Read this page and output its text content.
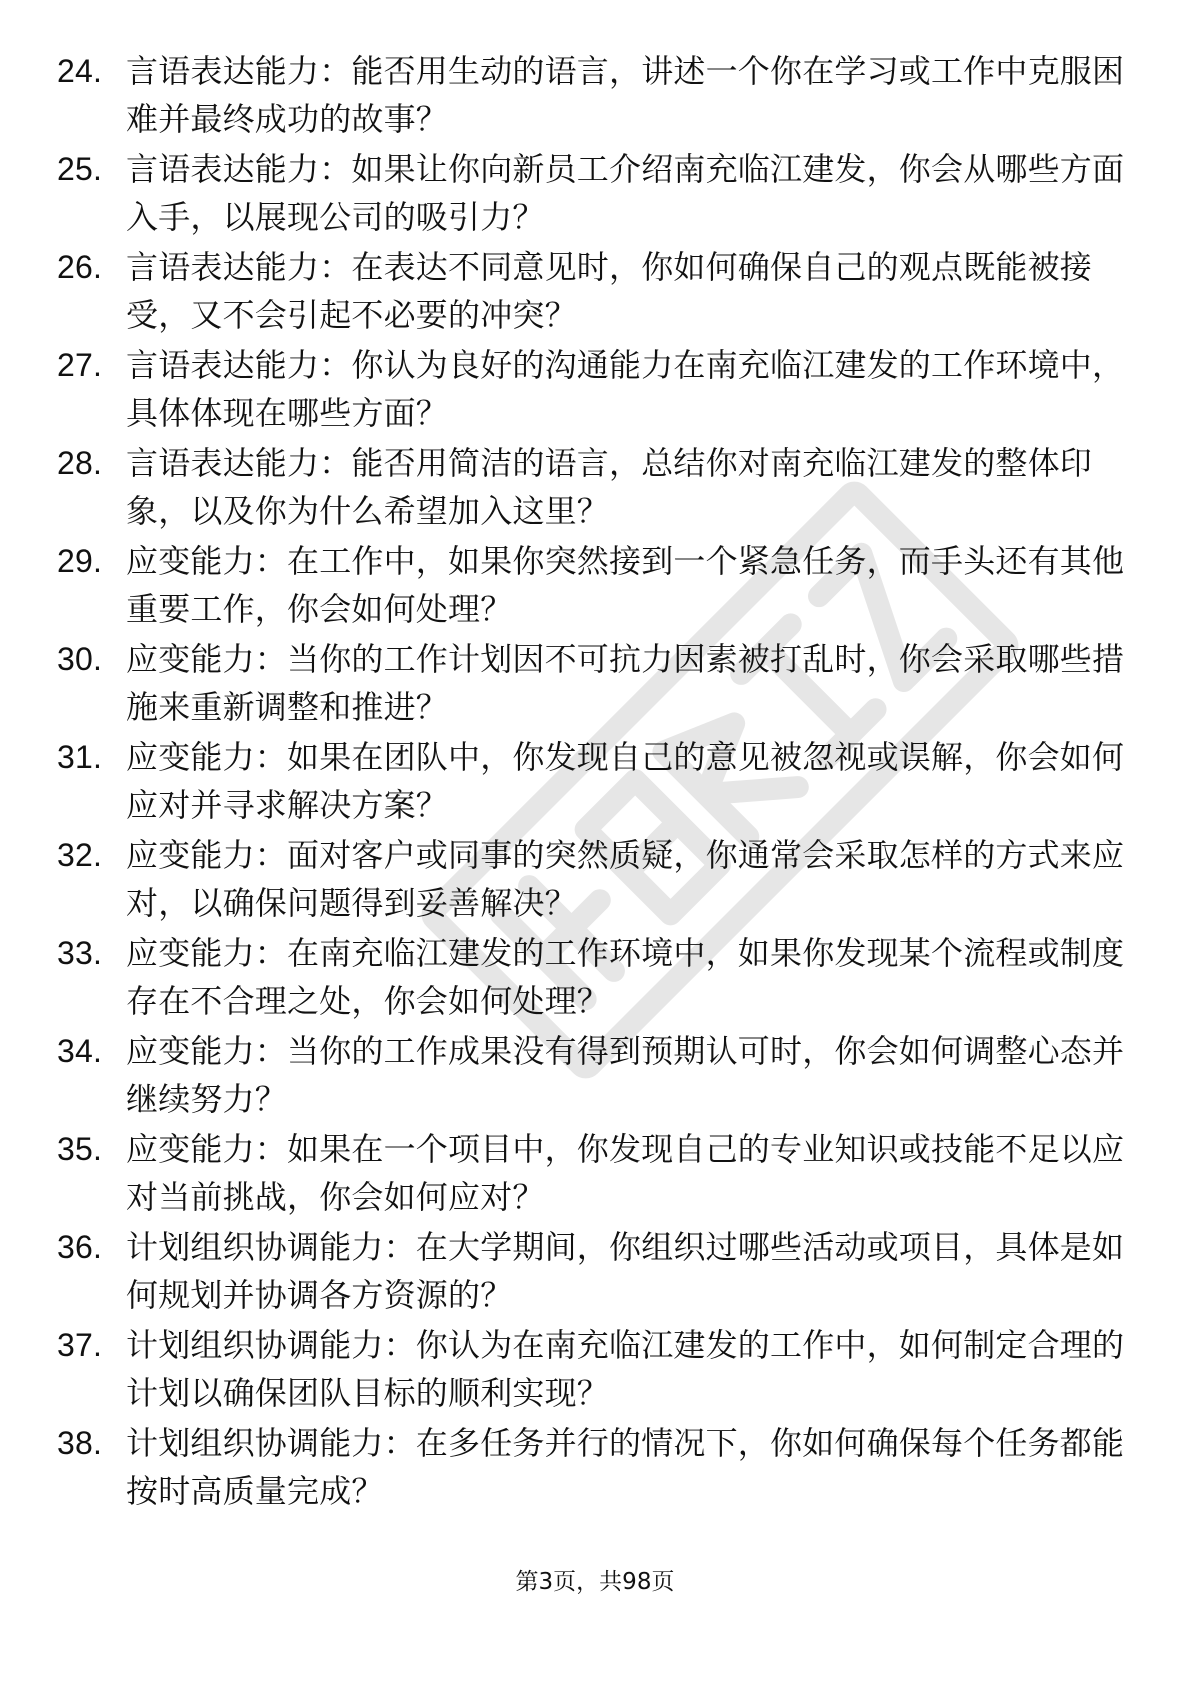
24. 言语表达能力：能否用生动的语言，讲述一个你在学习或工作中克服困难并最终成功的故事？
25. 言语表达能力：如果让你向新员工介绍南充临江建发，你会从哪些方面入手，以展现公司的吸引力？
26. 言语表达能力：在表达不同意见时，你如何确保自己的观点既能被接受，又不会引起不必要的冲突？
27. 言语表达能力：你认为良好的沟通能力在南充临江建发的工作环境中，具体体现在哪些方面？
28. 言语表达能力：能否用简洁的语言，总结你对南充临江建发的整体印象，以及你为什么希望加入这里？
29. 应变能力：在工作中，如果你突然接到一个紧急任务，而手头还有其他重要工作，你会如何处理？
30. 应变能力：当你的工作计划因不可抗力因素被打乱时，你会采取哪些措施来重新调整和推进？
31. 应变能力：如果在团队中，你发现自己的意见被忽视或误解，你会如何应对并寻求解决方案？
32. 应变能力：面对客户或同事的突然质疑，你通常会采取怎样的方式来应对，以确保问题得到妥善解决？
33. 应变能力：在南充临江建发的工作环境中，如果你发现某个流程或制度存在不合理之处，你会如何处理？
34. 应变能力：当你的工作成果没有得到预期认可时，你会如何调整心态并继续努力？
35. 应变能力：如果在一个项目中，你发现自己的专业知识或技能不足以应对当前挑战，你会如何应对？
36. 计划组织协调能力：在大学期间，你组织过哪些活动或项目，具体是如何规划并协调各方资源的？
37. 计划组织协调能力：你认为在南充临江建发的工作中，如何制定合理的计划以确保团队目标的顺利实现？
38. 计划组织协调能力：在多任务并行的情况下，你如何确保每个任务都能按时高质量完成？
第3页，共98页
